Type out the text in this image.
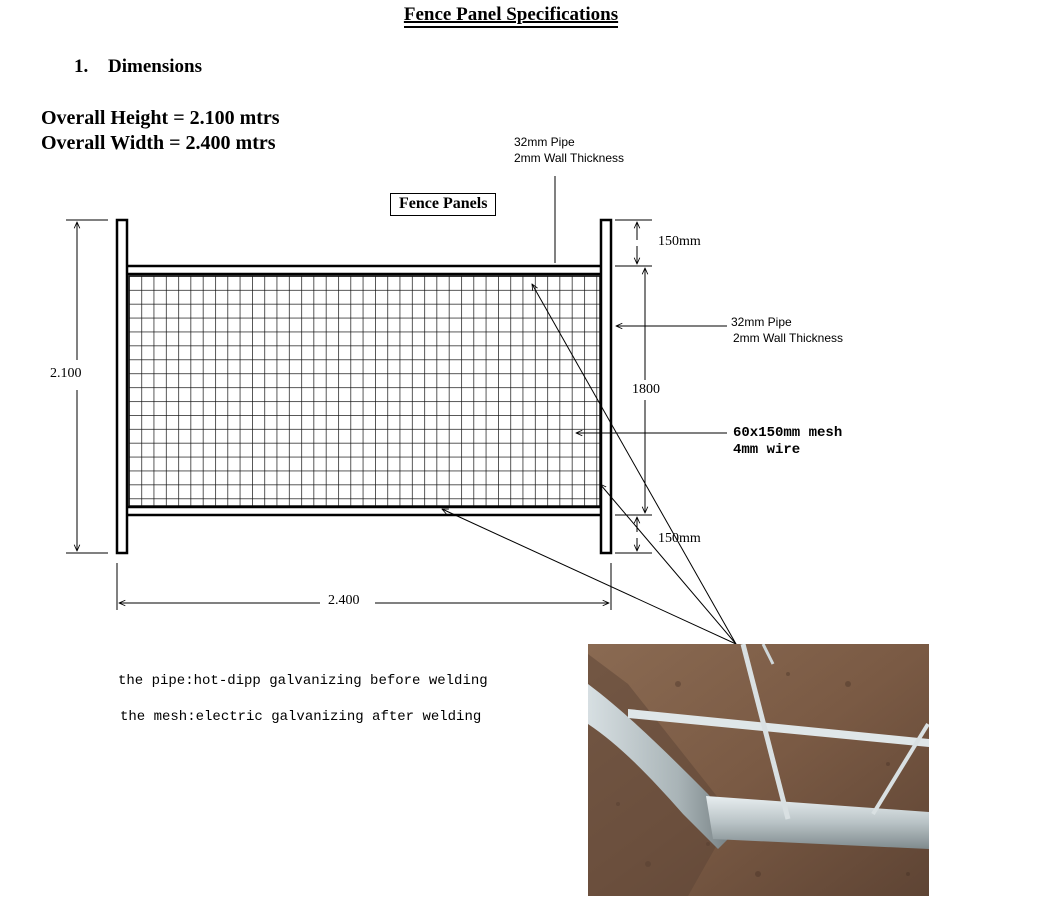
Fence Panel Specifications
1. Dimensions
Overall Height = 2.100 mtrs
Overall Width = 2.400 mtrs
Fence Panels
32mm Pipe
2mm Wall Thickness
32mm Pipe
2mm Wall Thickness
60x150mm mesh
4mm wire
150mm
1800
150mm
2.100
2.400
the pipe:hot-dipp galvanizing before welding
the mesh:electric galvanizing after welding
